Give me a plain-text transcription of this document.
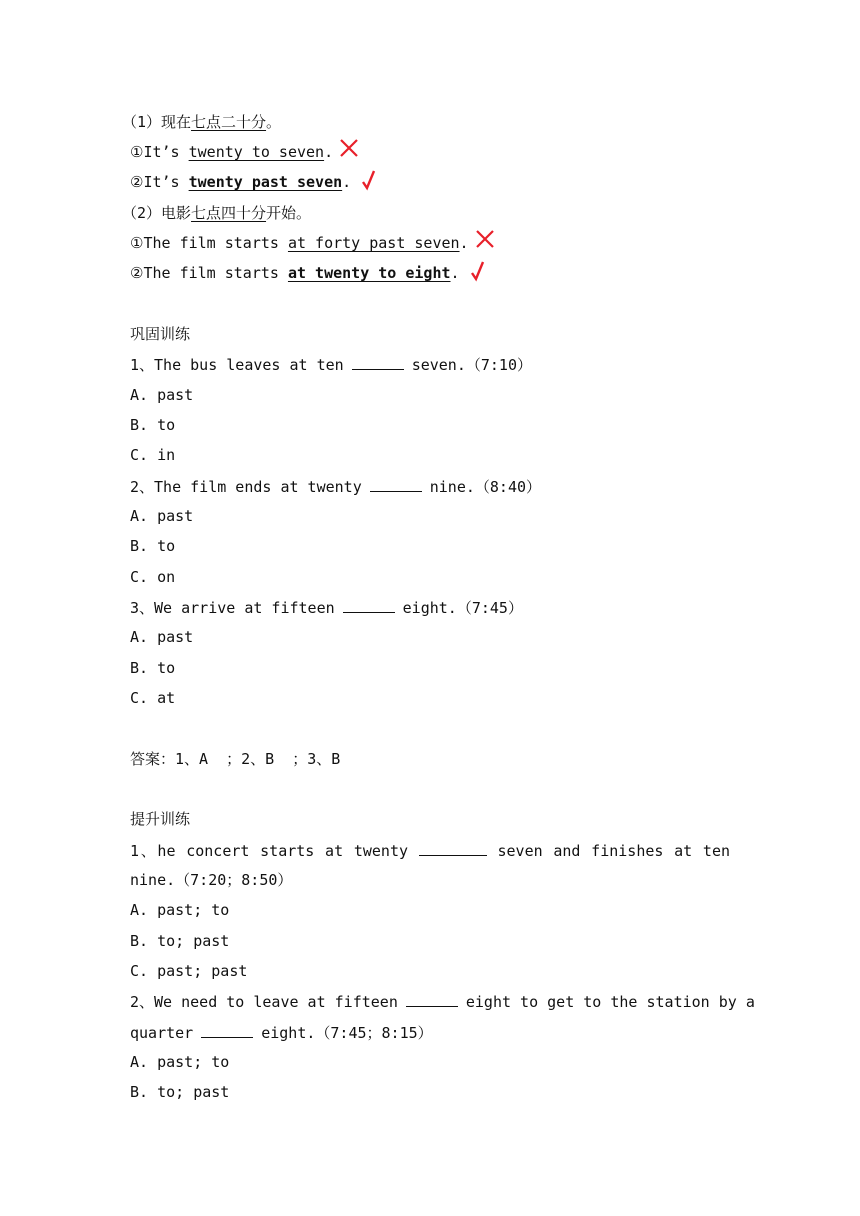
（1）现在七点二十分。
①It’s twenty to seven.
②It’s twenty past seven.
（2）电影七点四十分开始。
①The film starts at forty past seven.
②The film starts at twenty to eight.
巩固训练
1、The bus leaves at ten	seven.（7:10）
A. past
B. to
C. in
2、The film ends at twenty	nine.（8:40）
A. past
B. to
C. on
3、We arrive at fifteen	eight.（7:45）
A. past
B. to
C. at
答案：1、A  ；2、B  ；3、B
提升训练
1、he concert starts at twenty	seven and finishes at ten
nine.（7:20；8:50）
A. past; to
B. to; past
C. past; past
2、We need to leave at fifteen	eight to get to the station by a
quarter	eight.（7:45；8:15）
A. past; to
B. to; past
